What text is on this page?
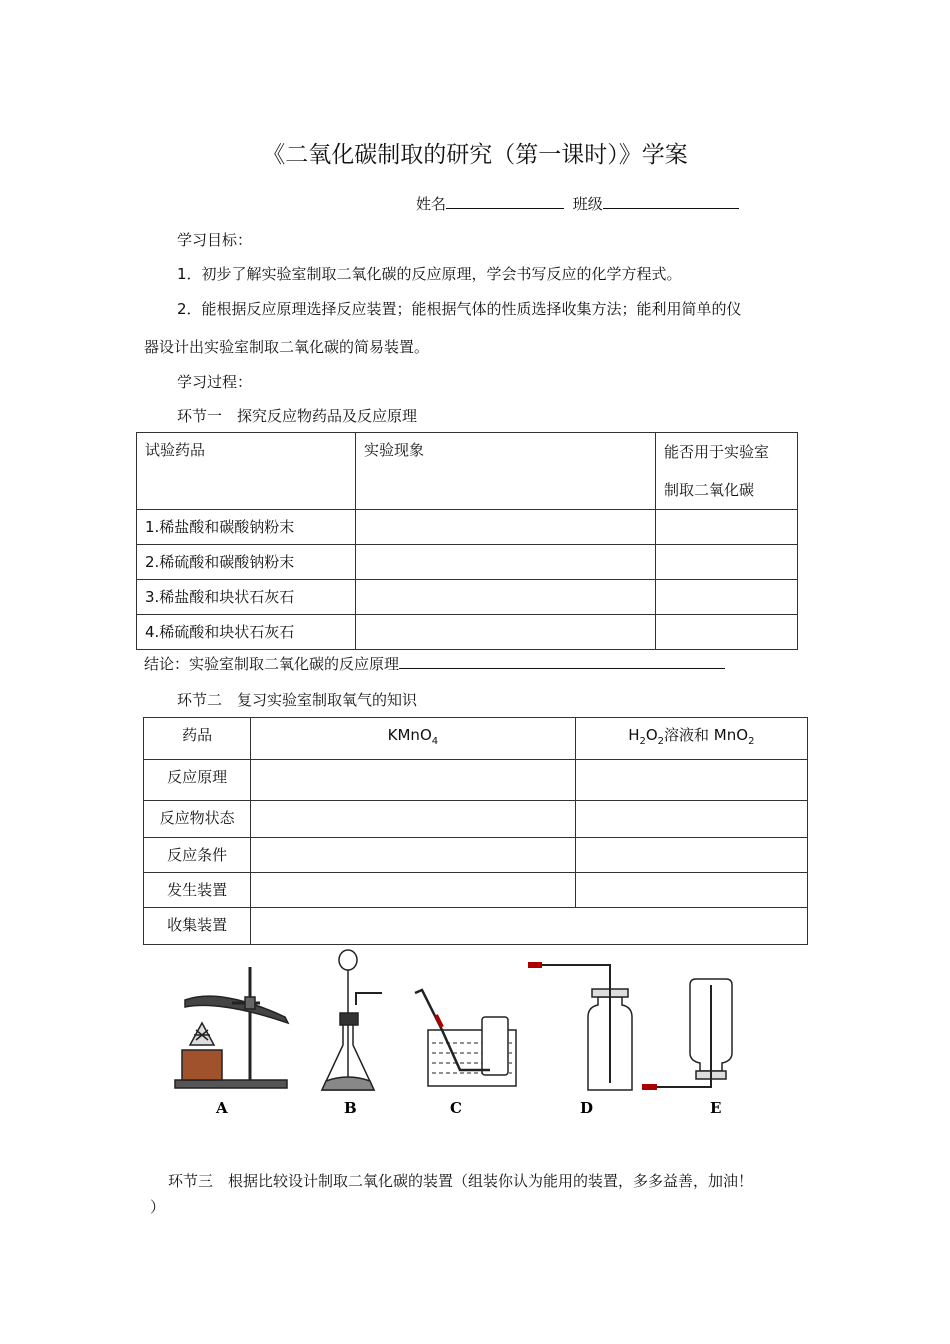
《二氧化碳制取的研究（第一课时）》学案
姓名	班级
学习目标：
1．初步了解实验室制取二氧化碳的反应原理，学会书写反应的化学方程式。
2．能根据反应原理选择反应装置；能根据气体的性质选择收集方法；能利用简单的仪
器设计出实验室制取二氧化碳的简易装置。
学习过程：
环节一　探究反应物药品及反应原理
试验药品	实验现象	能否用于实验室
制取二氧化碳

1.稀盐酸和碳酸钠粉末		
2.稀硫酸和碳酸钠粉末		
3.稀盐酸和块状石灰石		
4.稀硫酸和块状石灰石		
结论：实验室制取二氧化碳的反应原理
环节二　复习实验室制取氧气的知识
药品	KMnO$_4$	$H_2O_2$溶液和 MnO$_2$
反应原理		
反应物状态		
反应条件		
发生装置		
收集装置		
A	B	C	D	E
环节三　根据比较设计制取二氧化碳的装置（组装你认为能用的装置，多多益善，加油！
）
